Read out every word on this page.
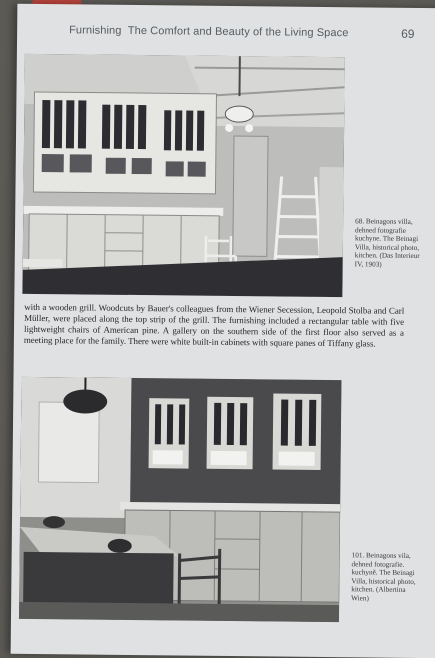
Furnishing The Comfort and Beauty of the Living Space	69
68. Beinagons villa, dehned fotografie kuchyne. The Beinagi Villa, historical photo, kitchen. (Das Interieur IV, 1903)
with a wooden grill. Woodcuts by Bauer's colleagues from the Wiener Secession, Leopold Stolba and Carl Müller, were placed along the top strip of the grill. The furnishing included a rectangular table with five lightweight chairs of American pine. A gallery on the southern side of the first floor also served as a meeting place for the family. There were white built-in cabinets with square panes of Tiffany glass.
101. Beinagons vila, dehned fotografie. kuchyně. The Beinagi Villa, historical photo, kitchen. (Albertina Wien)
